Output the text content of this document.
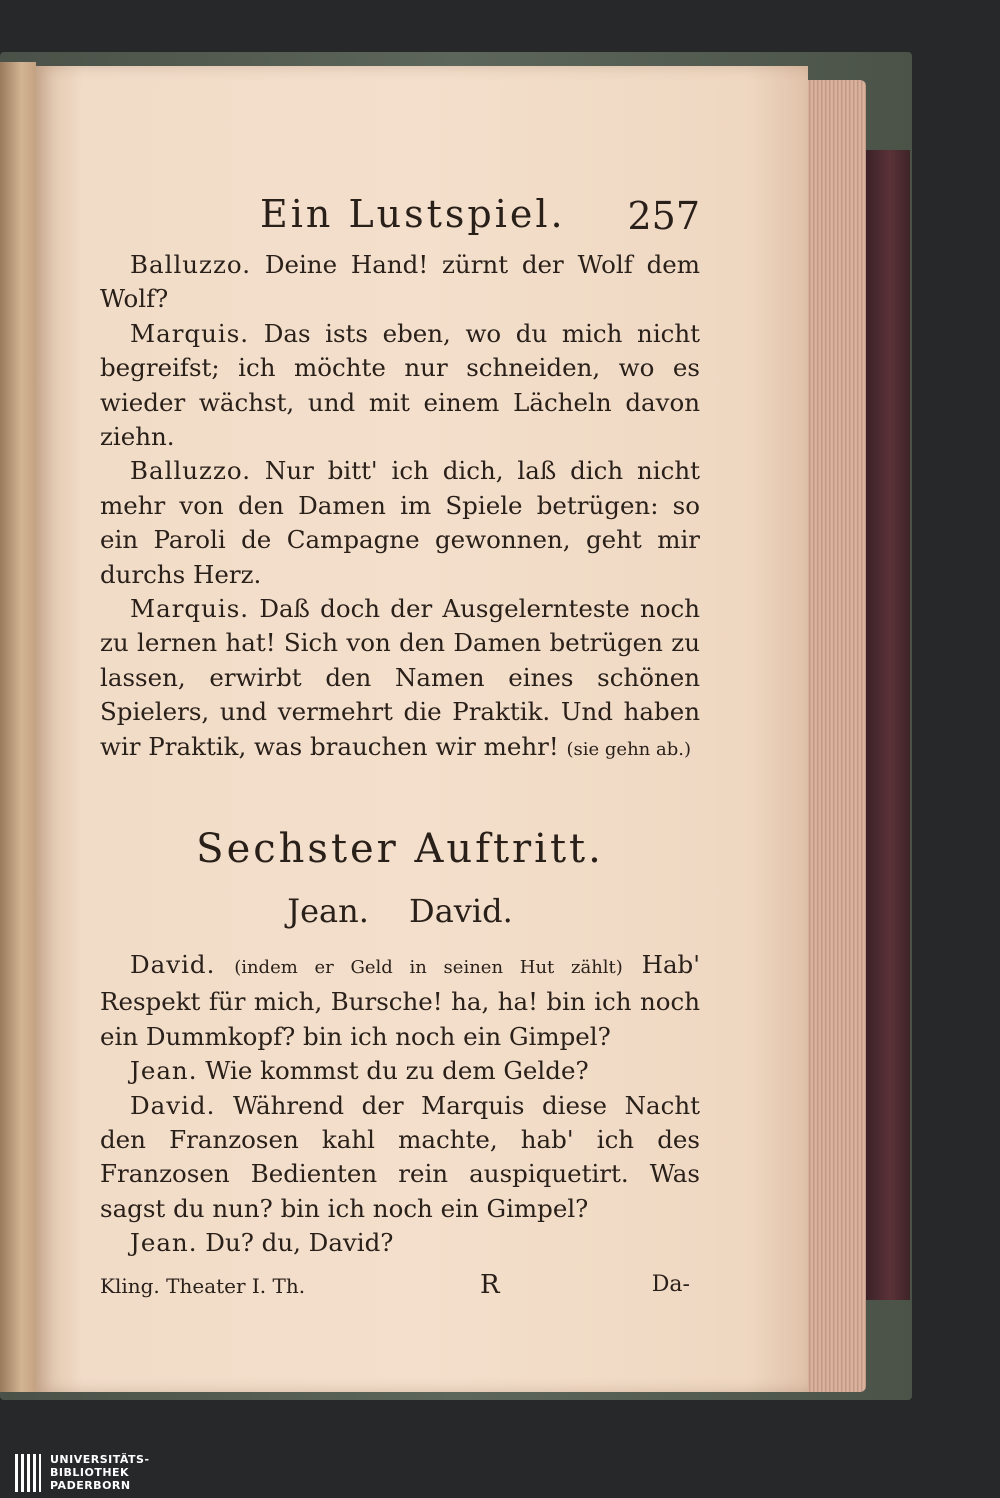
Ein Lustspiel. 257

Balluzzo. Deine Hand! zürnt der Wolf dem Wolf?

Marquis. Das ists eben, wo du mich nicht begreifst; ich möchte nur schneiden, wo es wieder wächst, und mit einem Lächeln davon ziehn.

Balluzzo. Nur bitt' ich dich, laß dich nicht mehr von den Damen im Spiele betrügen: so ein Paroli de Campagne gewonnen, geht mir durchs Herz.

Marquis. Daß doch der Ausgelernteste noch zu lernen hat! Sich von den Damen betrügen zu lassen, erwirbt den Namen eines schönen Spielers, und vermehrt die Praktik. Und haben wir Praktik, was brauchen wir mehr! (sie gehn ab.)

Sechster Auftritt.
Jean. David.

David. (indem er Geld in seinen Hut zählt) Hab' Respekt für mich, Bursche! ha, ha! bin ich noch ein Dummkopf? bin ich noch ein Gimpel?

Jean. Wie kommst du zu dem Gelde?

David. Während der Marquis diese Nacht den Franzosen kahl machte, hab' ich des Franzosen Bedienten rein auspiquetirt. Was sagst du nun? bin ich noch ein Gimpel?

Jean. Du? du, David?

Kling. Theater I. Th.	R	Da-
UNIVERSITÄTS-
BIBLIOTHEK
PADERBORN
